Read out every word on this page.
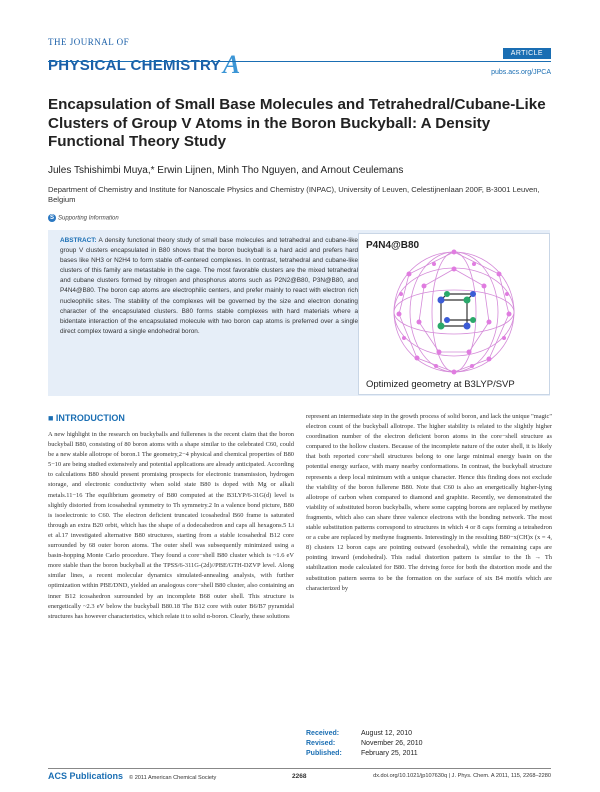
THE JOURNAL OF
PHYSICAL CHEMISTRYA	ARTICLE
pubs.acs.org/JPCA
Encapsulation of Small Base Molecules and Tetrahedral/Cubane-Like Clusters of Group V Atoms in the Boron Buckyball: A Density Functional Theory Study
Jules Tshishimbi Muya,* Erwin Lijnen, Minh Tho Nguyen, and Arnout Ceulemans
Department of Chemistry and Institute for Nanoscale Physics and Chemistry (INPAC), University of Leuven, Celestijnenlaan 200F, B-3001 Leuven, Belgium
S Supporting Information
ABSTRACT: A density functional theory study of small base molecules and tetrahedral and cubane-like group V clusters encapsulated in B80 shows that the boron buckyball is a hard acid and prefers hard bases like NH3 or N2H4 to form stable off-centered complexes. In contrast, tetrahedral and cubane-like clusters of this family are metastable in the cage. The most favorable clusters are the mixed tetrahedral and cubane clusters formed by nitrogen and phosphorus atoms such as P2N2@B80, P3N@B80, and P4N4@B80. The boron cap atoms are electrophilic centers, and prefer mainly to react with electron rich nucleophilic sites. The stability of the complexes will be governed by the size and electron donating character of the encapsulated clusters. B80 forms stable complexes with hard materials where a bidentate interaction of the encapsulated molecule with two boron cap atoms is preferred over a single direct complex toward a single endohedral boron.
P4N4@B80
Optimized geometry at B3LYP/SVP
■ INTRODUCTION
A new highlight in the research on buckyballs and fullerenes is the recent claim that the boron buckyball B80, consisting of 80 boron atoms with a shape similar to the celebrated C60, could be a new stable allotrope of boron.1 The geometry,2−4 physical and chemical properties of B80 5−10 are being studied extensively and potential applications are already anticipated. According to calculations B80 should present promising prospects for electronic transmission, hydrogen storage, and electronic conductivity when solid state B80 is doped with Mg or alkali metals.11−16 The equilibrium geometry of B80 computed at the B3LYP/6-31G(d) level is slightly distorted from icosahedral symmetry to Th symmetry.2 In a valence bond picture, B80 is isoelectronic to C60. The electron deficient truncated icosahedral B60 frame is saturated through an extra B20 orbit, which has the shape of a dodecahedron and caps all hexagons.5 Li et al.17 investigated alternative B80 structures, starting from a stable icosahedral B12 core surrounded by 68 outer boron atoms. The outer shell was subsequently minimized using a basin-hopping Monte Carlo procedure. They found a core−shell B80 cluster which is ~1.6 eV more stable than the boron buckyball at the TPSS/6-311G-(2d)//PBE/GTH-DZVP level. Along similar lines, a recent molecular dynamics simulated-annealing analysis, with further optimization within PBE/DND, yielded an analogous core−shell B80 cluster, also containing an inner B12 icosahedron surrounded by an incomplete B68 outer shell. This structure is energetically ~2.3 eV below the buckyball B80.18 The B12 core with outer B6/B7 pyramidal structures has however characteristics, which relate it to solid α-boron. Clearly, these solutions
represent an intermediate step in the growth process of solid boron, and lack the unique "magic" electron count of the buckyball allotrope. The higher stability is related to the slightly higher coordination number of the electron deficient boron atoms in the core−shell structure as compared to the hollow clusters. Because of the incomplete nature of the outer shell, it is likely that both reported core−shell structures belong to one large minimal energy basin on the potential energy surface, with many nearby conformations. In contrast, the buckyball structure represents a deep local minimum with a unique character. Hence this finding does not exclude the viability of the boron fullerene B80. Note that C60 is also an energetically higher-lying allotrope of carbon when compared to diamond and graphite. Recently, we demonstrated the viability of substituted boron buckyballs, where some capping borons are replaced by methyne fragments, which also can share three valence electrons with the bonding network. The most stable substitution patterns correspond to structures in which 4 or 8 caps forming a tetrahedron or a cube are replaced by methyne fragments. Interestingly in the resulting B80−x(CH)x (x = 4, 8) clusters 12 boron caps are pointing outward (exohedral), while the remaining caps are pointing inward (endohedral). This radial distortion pattern is similar to the Ih → Th stabilization mode calculated for B80. The driving force for both the distortion mode and the substitution pattern seems to be the formation on the surface of six B4 motifs which are characterized by
Received:	August 12, 2010
Revised:	November 26, 2010
Published:	February 25, 2011
ACS Publications © 2011 American Chemical Society	2268	dx.doi.org/10.1021/jp107630q | J. Phys. Chem. A 2011, 115, 2268–2280
